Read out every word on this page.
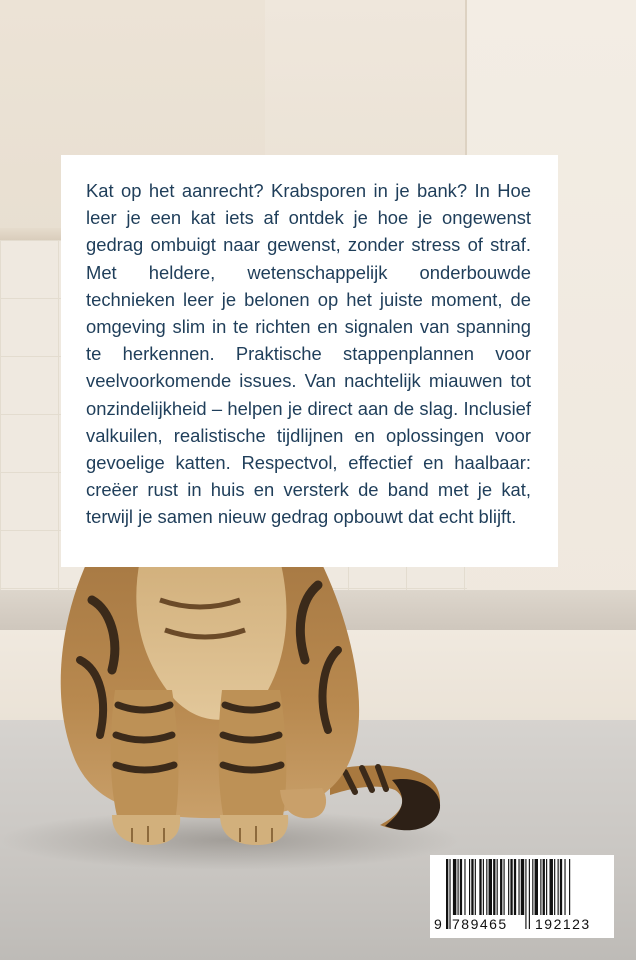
Kat op het aanrecht? Krabsporen in je bank? In Hoe leer je een kat iets af ontdek je hoe je ongewenst gedrag ombuigt naar gewenst, zonder stress of straf. Met heldere, wetenschappelijk onderbouwde technieken leer je belonen op het juiste moment, de omgeving slim in te richten en signalen van spanning te herkennen. Praktische stappenplannen voor veelvoorkomende issues. Van nachtelijk miauwen tot onzindelijkheid – helpen je direct aan de slag. Inclusief valkuilen, realistische tijdlijnen en oplossingen voor gevoelige katten. Respectvol, effectief en haalbaar: creëer rust in huis en versterk de band met je kat, terwijl je samen nieuw gedrag opbouwt dat echt blijft.

9 789465 192123
